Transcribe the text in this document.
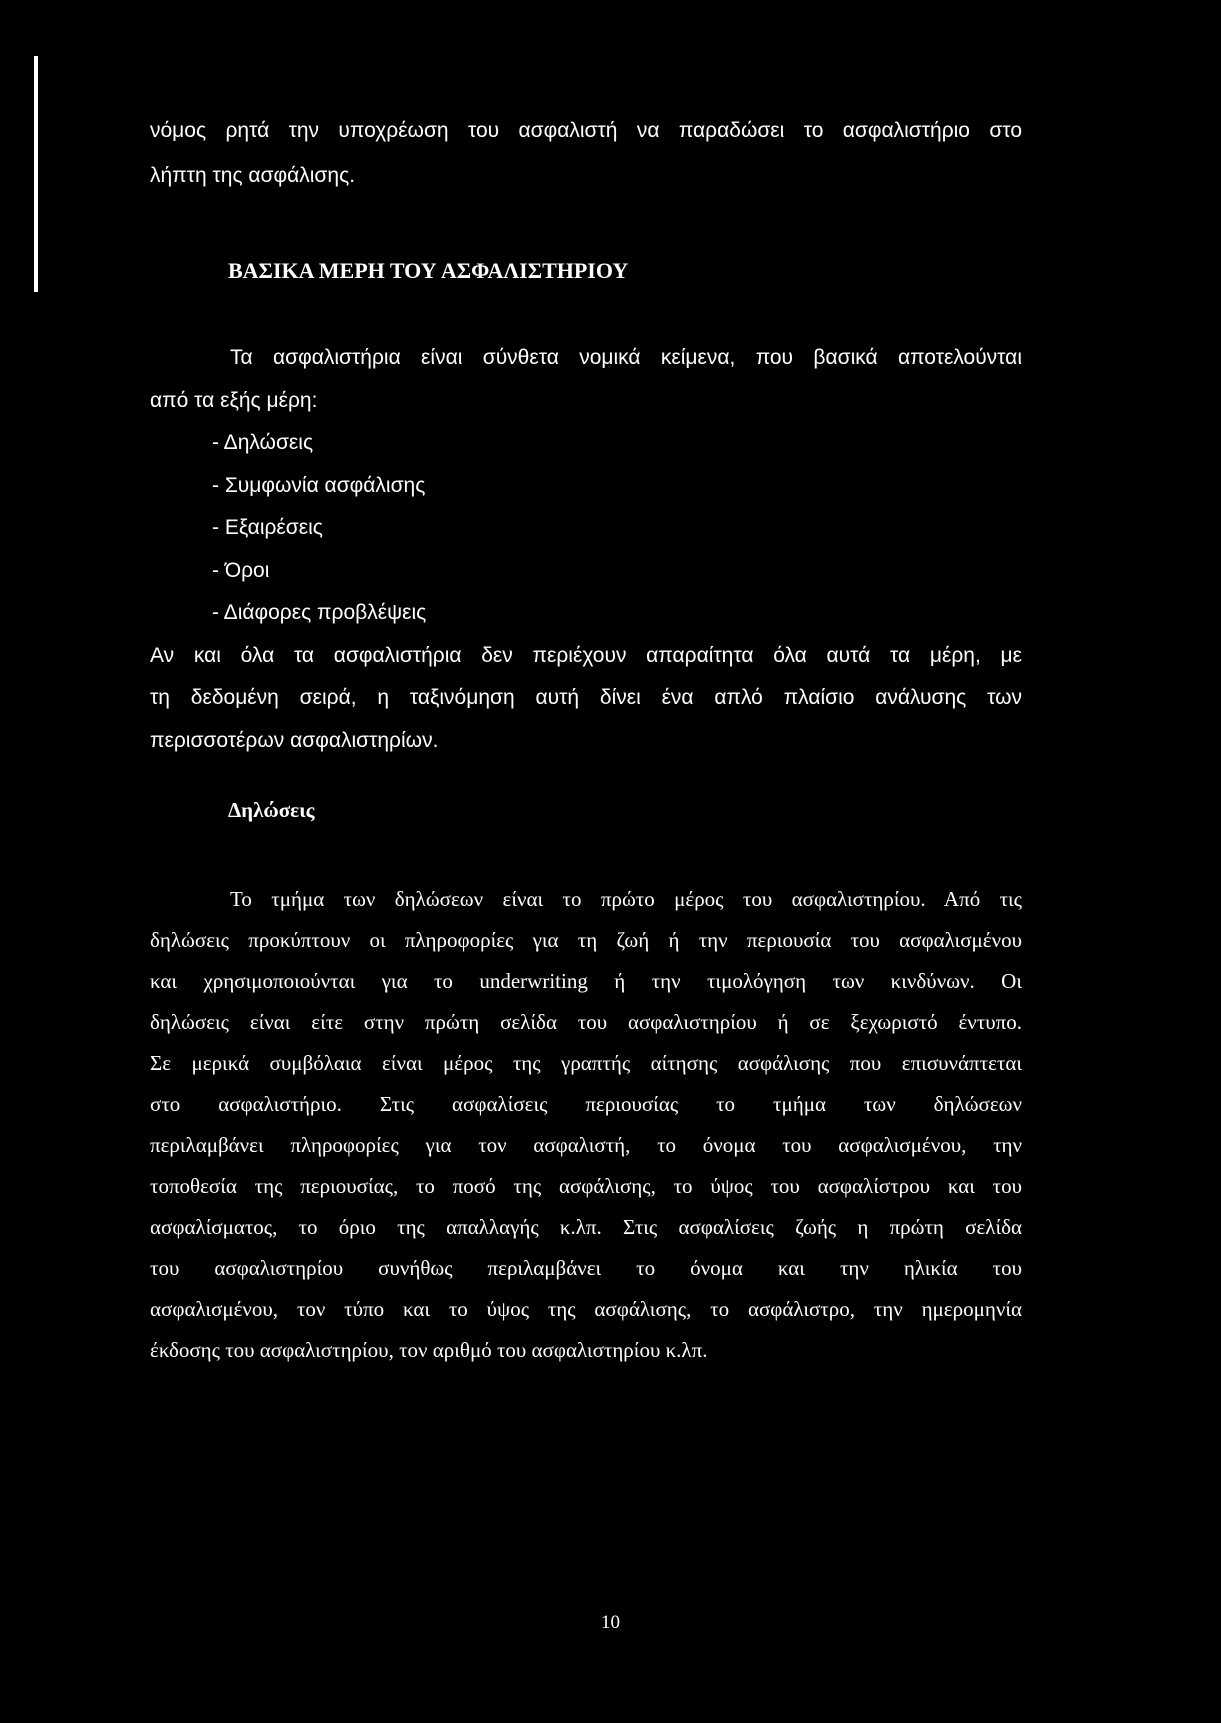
νόμος ρητά την υποχρέωση του ασφαλιστή να παραδώσει το ασφαλιστήριο στο
λήπτη της ασφάλισης.
ΒΑΣΙΚΑ ΜΕΡΗ ΤΟΥ ΑΣΦΑΛΙΣΤΗΡΙΟΥ
Τα ασφαλιστήρια είναι σύνθετα νομικά κείμενα, που βασικά αποτελούνται
από τα εξής μέρη:
- Δηλώσεις
- Συμφωνία ασφάλισης
- Εξαιρέσεις
- Όροι
- Διάφορες προβλέψεις
Αν και όλα τα ασφαλιστήρια δεν περιέχουν απαραίτητα όλα αυτά τα μέρη, με
τη δεδομένη σειρά, η ταξινόμηση αυτή δίνει ένα απλό πλαίσιο ανάλυσης των
περισσοτέρων ασφαλιστηρίων.
Δηλώσεις
Το τμήμα των δηλώσεων είναι το πρώτο μέρος του ασφαλιστηρίου. Από τις
δηλώσεις προκύπτουν οι πληροφορίες για τη ζωή ή την περιουσία του ασφαλισμένου
και χρησιμοποιούνται για το underwriting ή την τιμολόγηση των κινδύνων. Οι
δηλώσεις είναι είτε στην πρώτη σελίδα του ασφαλιστηρίου ή σε ξεχωριστό έντυπο.
Σε μερικά συμβόλαια είναι μέρος της γραπτής αίτησης ασφάλισης που επισυνάπτεται
στο ασφαλιστήριο. Στις ασφαλίσεις περιουσίας το τμήμα των δηλώσεων
περιλαμβάνει πληροφορίες για τον ασφαλιστή, το όνομα του ασφαλισμένου, την
τοποθεσία της περιουσίας, το ποσό της ασφάλισης, το ύψος του ασφαλίστρου και του
ασφαλίσματος, το όριο της απαλλαγής κ.λπ. Στις ασφαλίσεις ζωής η πρώτη σελίδα
του ασφαλιστηρίου συνήθως περιλαμβάνει το όνομα και την ηλικία του
ασφαλισμένου, τον τύπο και το ύψος της ασφάλισης, το ασφάλιστρο, την ημερομηνία
έκδοσης του ασφαλιστηρίου, τον αριθμό του ασφαλιστηρίου κ.λπ.
10
